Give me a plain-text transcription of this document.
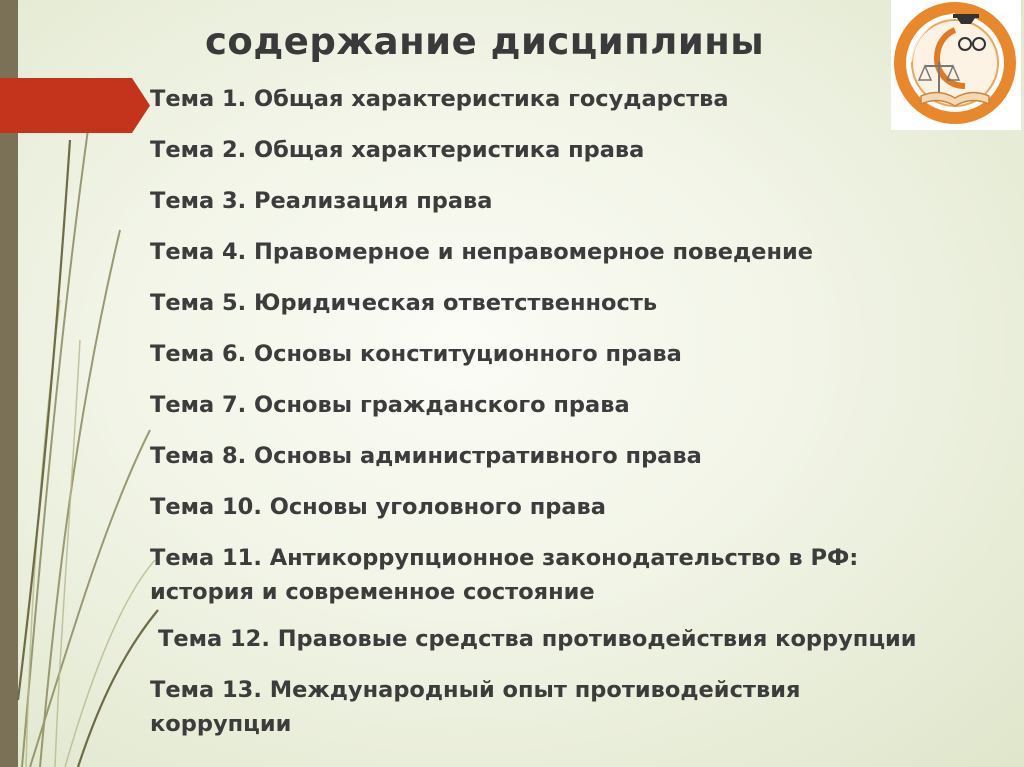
содержание дисциплины
Тема 1. Общая характеристика государства
Тема 2. Общая характеристика права
Тема 3. Реализация права
Тема 4. Правомерное и неправомерное поведение
Тема 5. Юридическая ответственность
Тема 6. Основы конституционного права
Тема 7. Основы гражданского права
Тема 8. Основы административного права
Тема 10. Основы уголовного права
Тема 11. Антикоррупционное законодательство в РФ:
история и современное состояние
Тема 12. Правовые средства противодействия коррупции
Тема 13. Международный опыт противодействия
коррупции
